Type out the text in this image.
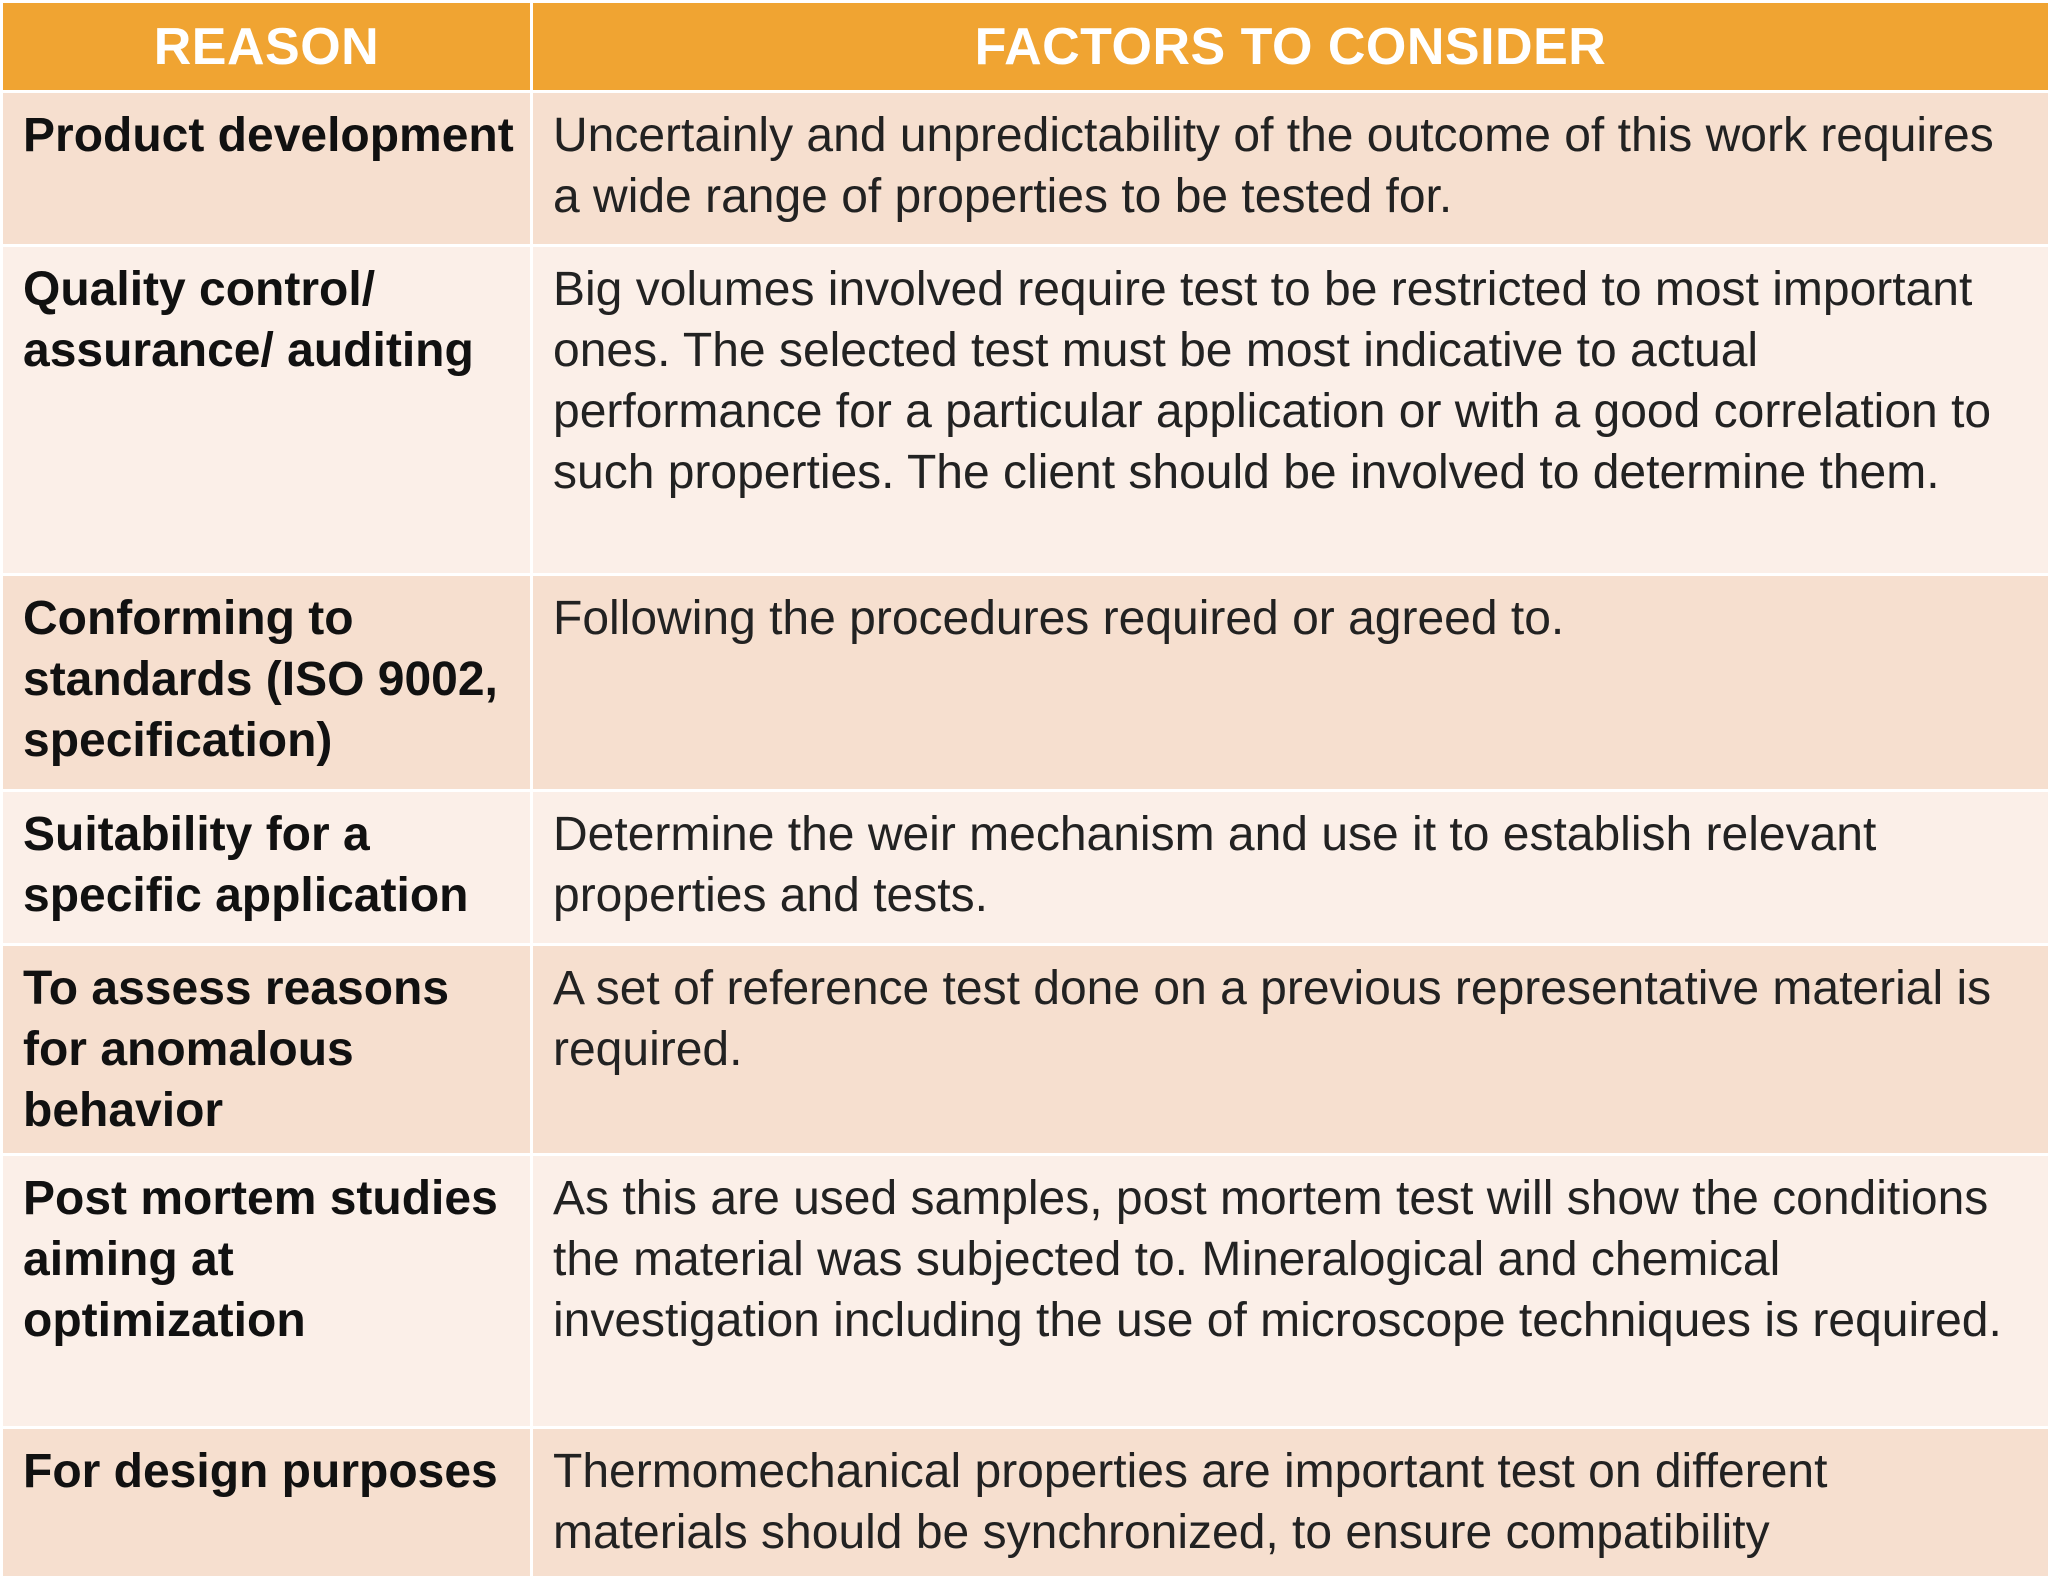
REASON	FACTORS TO CONSIDER
Product development	Uncertainly and unpredictability of the outcome of this work requires a wide range of properties to be tested for.
Quality control/ assurance/ auditing	Big volumes involved require test to be restricted to most important ones. The selected test must be most indicative to actual performance for a particular application or with a good correlation to such properties. The client should be involved to determine them.
Conforming to standards (ISO 9002, specification)	Following the procedures required or agreed to.
Suitability for a specific application	Determine the weir mechanism and use it to establish relevant properties and tests.
To assess reasons for anomalous behavior	A set of reference test done on a previous representative material is required.
Post mortem studies aiming at optimization	As this are used samples, post mortem test will show the conditions the material was subjected to. Mineralogical and chemical investigation including the use of microscope techniques is required.
For design purposes	Thermomechanical properties are important test on different materials should be synchronized, to ensure compatibility
